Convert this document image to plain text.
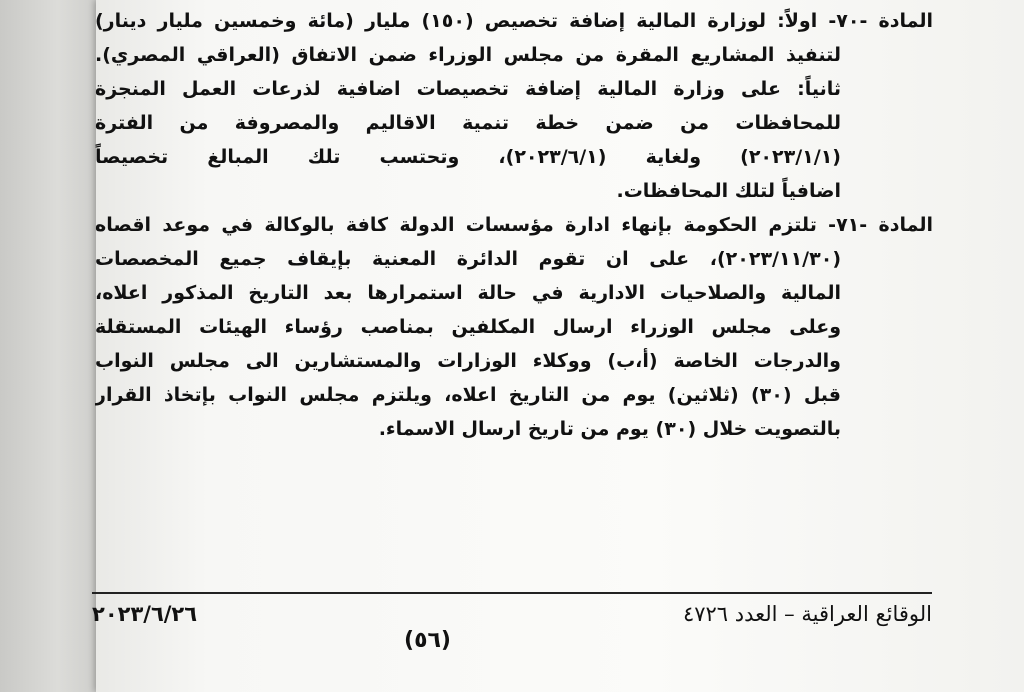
المادة -٧٠- اولاً: لوزارة المالية إضافة تخصيص (١٥٠) مليار (مائة وخمسين مليار دينار)
لتنفيذ المشاريع المقرة من مجلس الوزراء ضمن الاتفاق (العراقي المصري).
ثانياً: على وزارة المالية إضافة تخصيصات اضافية لذرعات العمل المنجزة
للمحافظات من ضمن خطة تنمية الاقاليم والمصروفة من الفترة
(٢٠٢٣/١/١) ولغاية (٢٠٢٣/٦/١)، وتحتسب تلك المبالغ تخصيصاً
اضافياً لتلك المحافظات.
المادة -٧١- تلتزم الحكومة بإنهاء ادارة مؤسسات الدولة كافة بالوكالة في موعد اقصاه
(٢٠٢٣/١١/٣٠)، على ان تقوم الدائرة المعنية بإيقاف جميع المخصصات
المالية والصلاحيات الادارية في حالة استمرارها بعد التاريخ المذكور اعلاه،
وعلى مجلس الوزراء ارسال المكلفين بمناصب رؤساء الهيئات المستقلة
والدرجات الخاصة (أ،ب) ووكلاء الوزارات والمستشارين الى مجلس النواب
قبل (٣٠) (ثلاثين) يوم من التاريخ اعلاه، ويلتزم مجلس النواب بإتخاذ القرار
بالتصويت خلال (٣٠) يوم من تاريخ ارسال الاسماء.
الوقائع العراقية – العدد ٤٧٢٦
٢٠٢٣/٦/٢٦
(٥٦)
